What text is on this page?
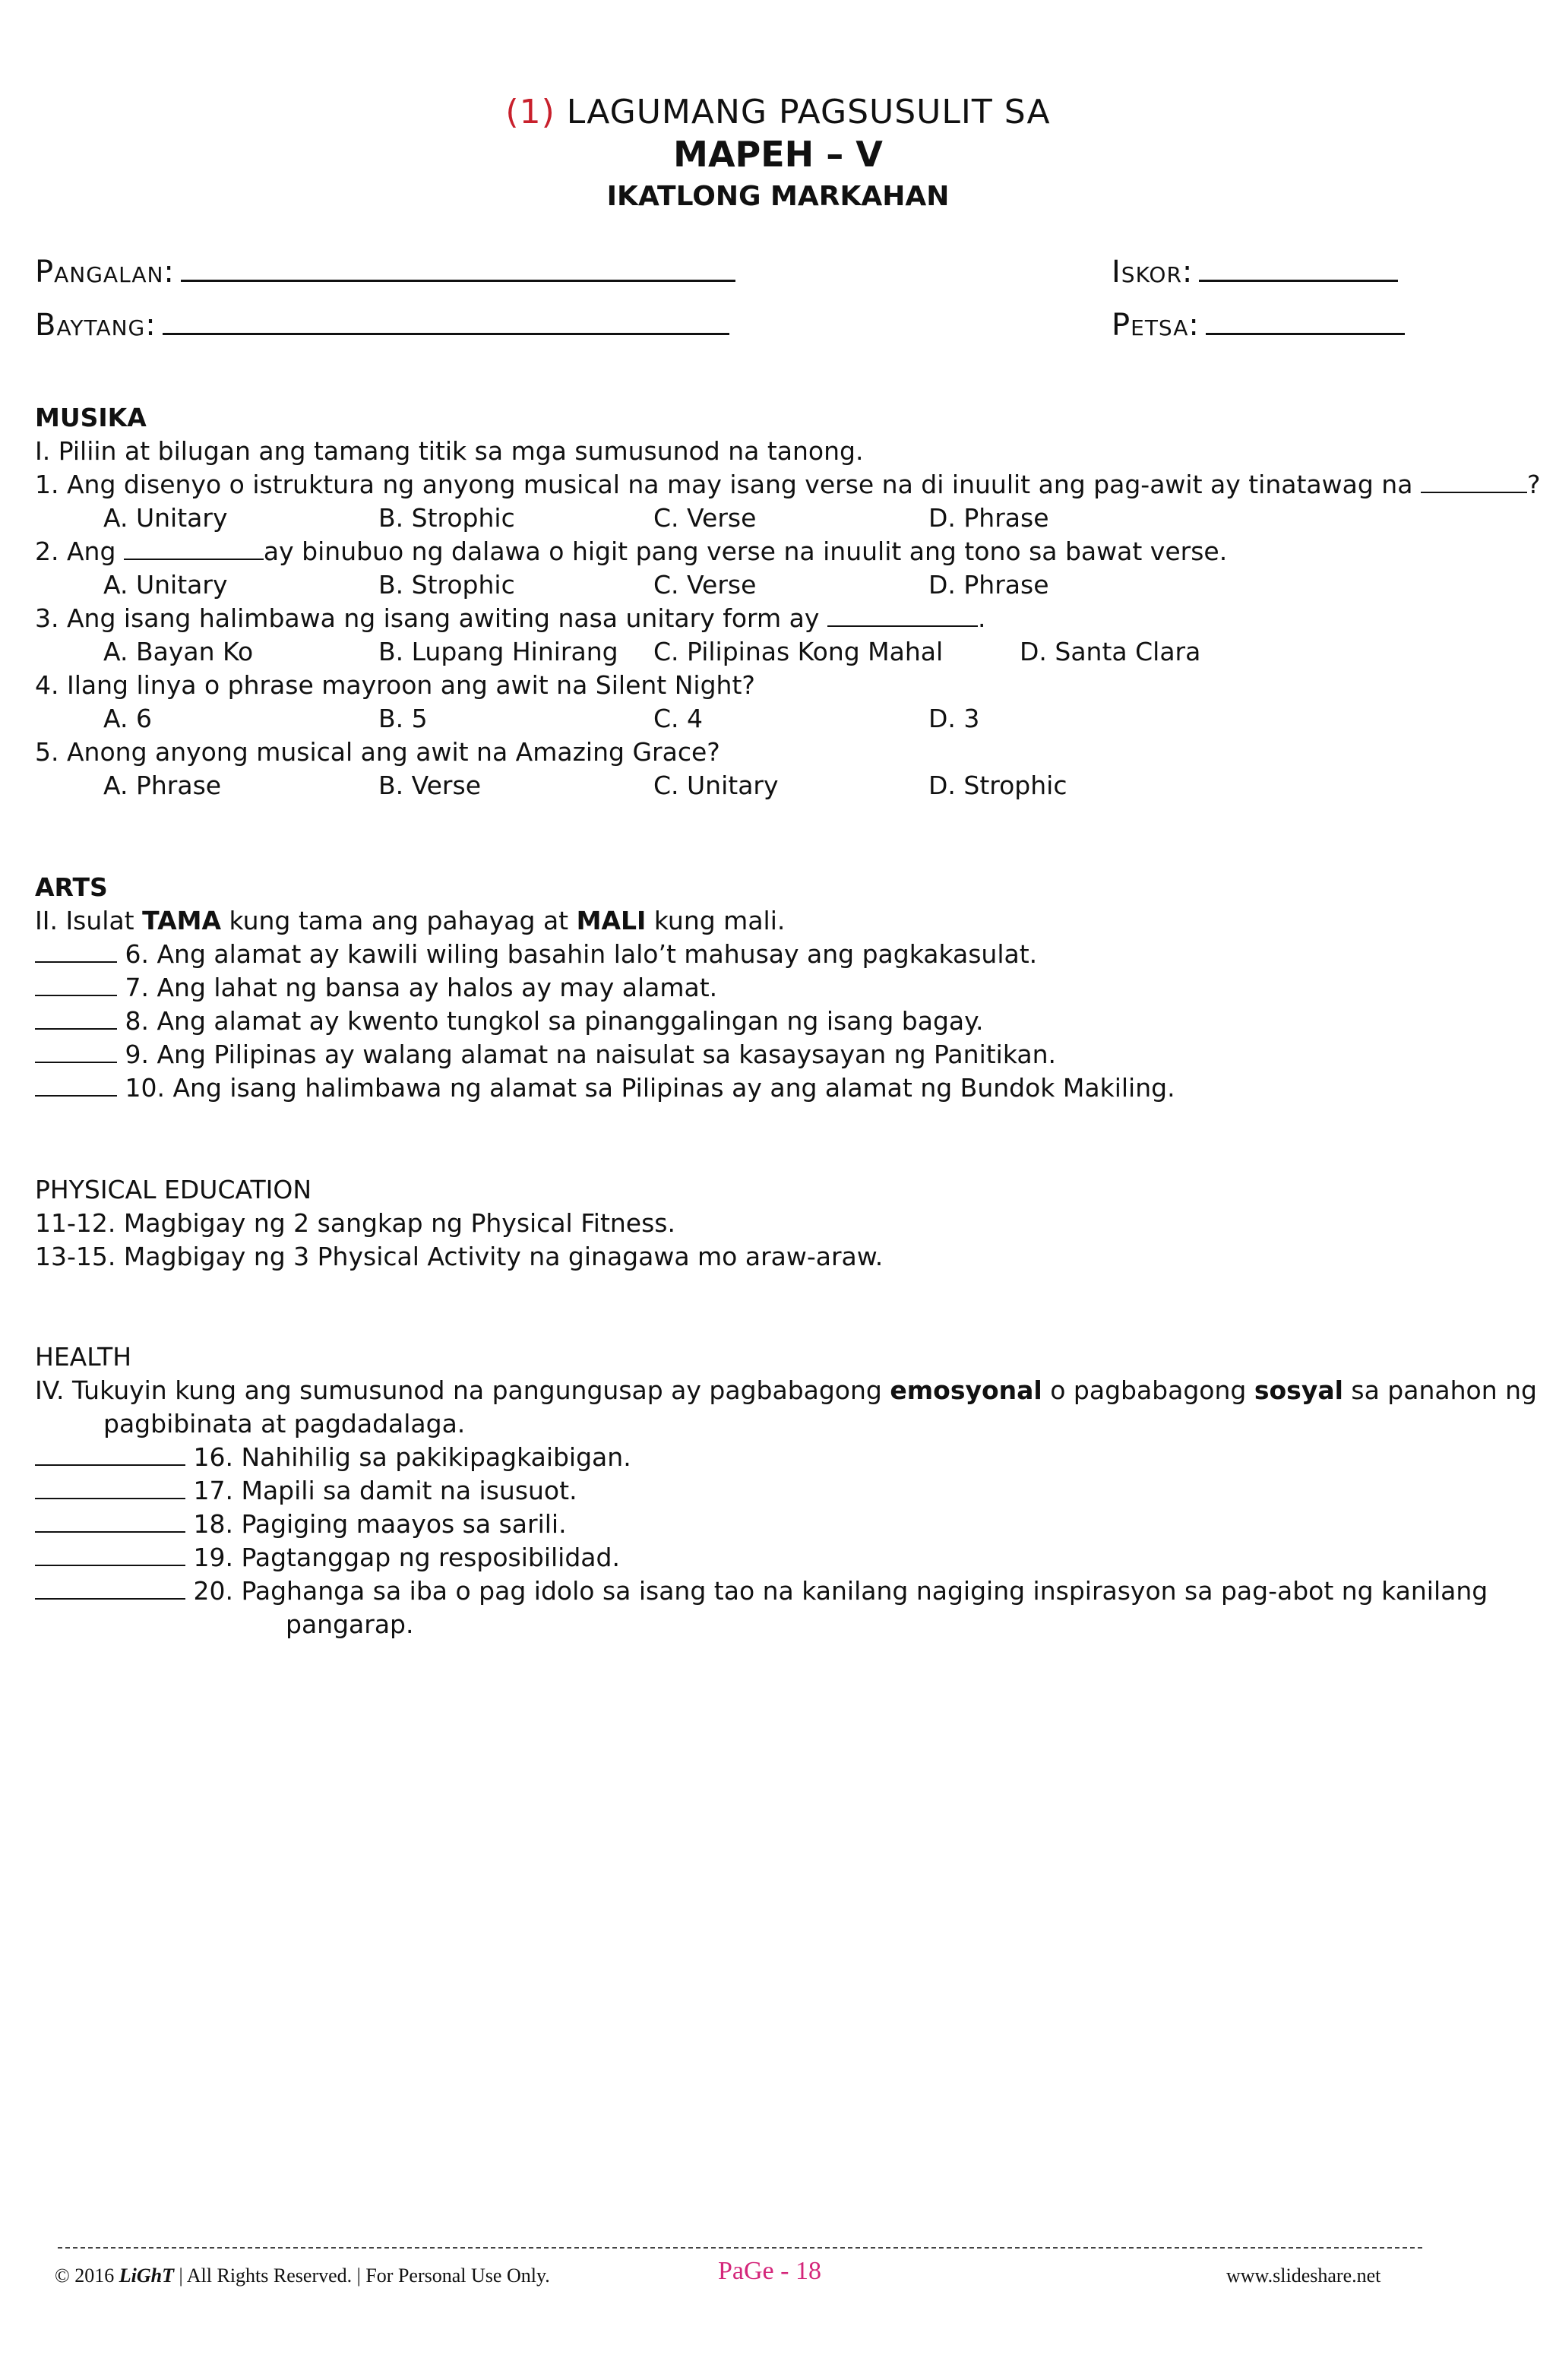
(1) LAGUMANG PAGSUSULIT SA
MAPEH – V
IKATLONG MARKAHAN
Pangalan:	Iskor:
Baytang:	Petsa:
MUSIKA
I. Piliin at bilugan ang tamang titik sa mga sumusunod na tanong.
1. Ang disenyo o istruktura ng anyong musical na may isang verse na di inuulit ang pag-awit ay tinatawag na	?
A. Unitary	B. Strophic	C. Verse	D. Phrase
2. Ang	ay binubuo ng dalawa o higit pang verse na inuulit ang tono sa bawat verse.
A. Unitary	B. Strophic	C. Verse	D. Phrase
3. Ang isang halimbawa ng isang awiting nasa unitary form ay	.
A. Bayan Ko	B. Lupang Hinirang C. Pilipinas Kong Mahal	D. Santa Clara
4. Ilang linya o phrase mayroon ang awit na Silent Night?
A. 6	B. 5	C. 4	D. 3
5. Anong anyong musical ang awit na Amazing Grace?
A. Phrase	B. Verse	C. Unitary	D. Strophic
ARTS
II. Isulat TAMA kung tama ang pahayag at MALI kung mali.
6. Ang alamat ay kawili wiling basahin lalo’t mahusay ang pagkakasulat.
7. Ang lahat ng bansa ay halos ay may alamat.
8. Ang alamat ay kwento tungkol sa pinanggalingan ng isang bagay.
9. Ang Pilipinas ay walang alamat na naisulat sa kasaysayan ng Panitikan.
10. Ang isang halimbawa ng alamat sa Pilipinas ay ang alamat ng Bundok Makiling.
PHYSICAL EDUCATION
11-12. Magbigay ng 2 sangkap ng Physical Fitness.
13-15. Magbigay ng 3 Physical Activity na ginagawa mo araw-araw.
HEALTH
IV. Tukuyin kung ang sumusunod na pangungusap ay pagbabagong emosyonal o pagbabagong sosyal sa panahon ng
pagbibinata at pagdadalaga.
16. Nahihilig sa pakikipagkaibigan.
17. Mapili sa damit na isusuot.
18. Pagiging maayos sa sarili.
19. Pagtanggap ng resposibilidad.
20. Paghanga sa iba o pag idolo sa isang tao na kanilang nagiging inspirasyon sa pag-abot ng kanilang
pangarap.
© 2016 LiGhT | All Rights Reserved. | For Personal Use Only.	PaGe - 18	www.slideshare.net
